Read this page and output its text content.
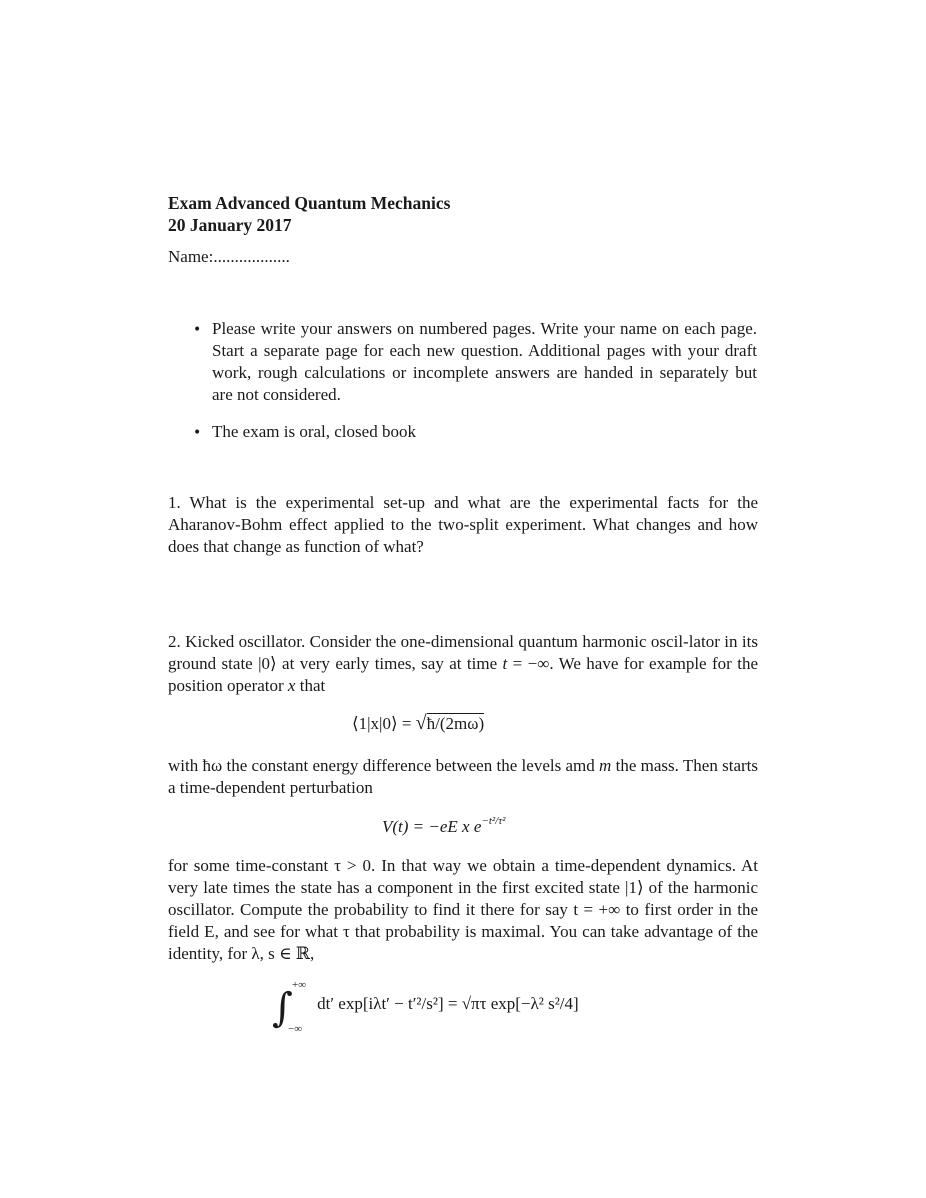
Exam Advanced Quantum Mechanics
20 January 2017
Name:..................
• Please write your answers on numbered pages. Write your name on each page. Start a separate page for each new question. Additional pages with your draft work, rough calculations or incomplete answers are handed in separately but are not considered.
• The exam is oral, closed book
1. What is the experimental set-up and what are the experimental facts for the Aharanov-Bohm effect applied to the two-split experiment. What changes and how does that change as function of what?
2. Kicked oscillator. Consider the one-dimensional quantum harmonic oscil-lator in its ground state |0⟩ at very early times, say at time t = −∞. We have for example for the position operator x that
⟨1|x|0⟩ = √ħ/(2mω)
with ħω the constant energy difference between the levels amd m the mass. Then starts a time-dependent perturbation
V(t) = −eE x $e^{-t^2/\tau^2}$
for some time-constant τ > 0. In that way we obtain a time-dependent dynamics. At very late times the state has a component in the first excited state |1⟩ of the harmonic oscillator. Compute the probability to find it there for say t = +∞ to first order in the field E, and see for what τ that probability is maximal. You can take advantage of the identity, for λ, s ∈ ℝ,
∫ +∞
−∞
dt′ exp[iλt′ − t′²/s²] = √πτ exp[−λ² s²/4]
